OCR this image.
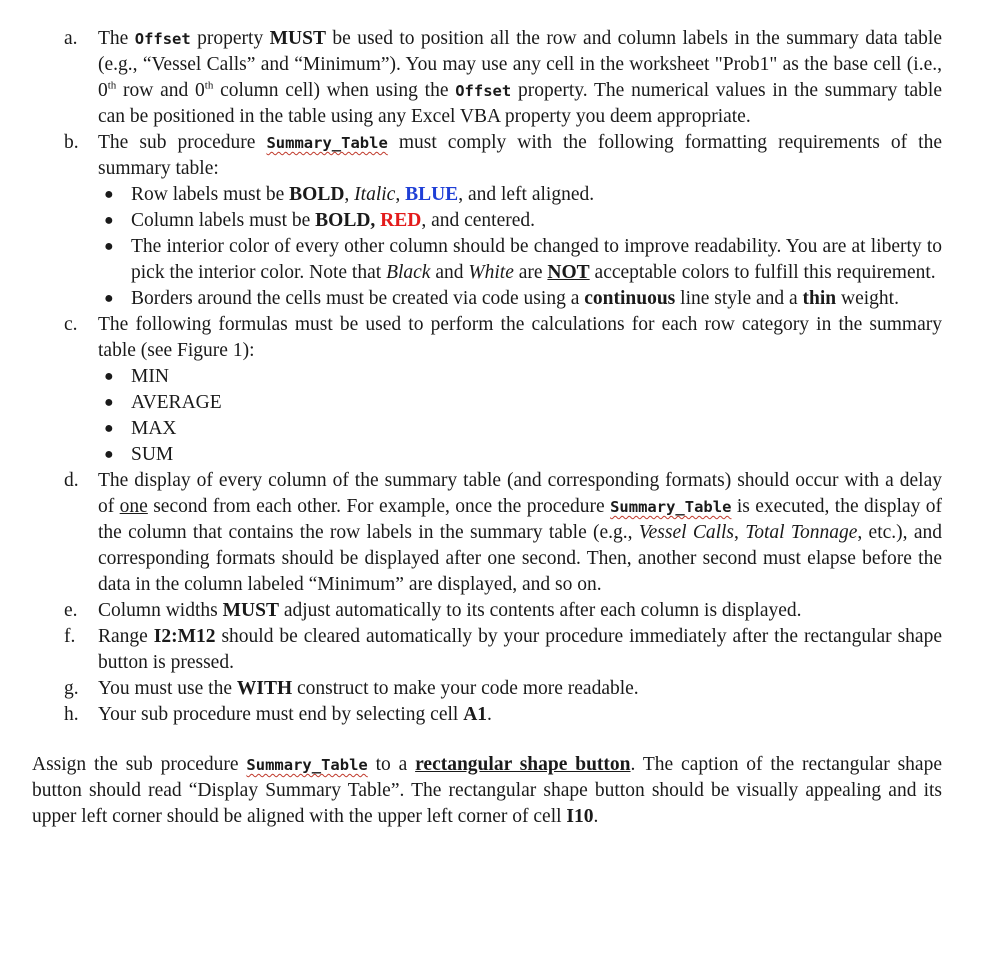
a. The Offset property MUST be used to position all the row and column labels in the summary data table (e.g., “Vessel Calls” and “Minimum”). You may use any cell in the worksheet "Prob1" as the base cell (i.e., 0th row and 0th column cell) when using the Offset property. The numerical values in the summary table can be positioned in the table using any Excel VBA property you deem appropriate.
b. The sub procedure Summary_Table must comply with the following formatting requirements of the summary table:
● Row labels must be BOLD, Italic, BLUE, and left aligned.
● Column labels must be BOLD, RED, and centered.
● The interior color of every other column should be changed to improve readability. You are at liberty to pick the interior color. Note that Black and White are NOT acceptable colors to fulfill this requirement.
● Borders around the cells must be created via code using a continuous line style and a thin weight.
c. The following formulas must be used to perform the calculations for each row category in the summary table (see Figure 1):
● MIN
● AVERAGE
● MAX
● SUM
d. The display of every column of the summary table (and corresponding formats) should occur with a delay of one second from each other. For example, once the procedure Summary_Table is executed, the display of the column that contains the row labels in the summary table (e.g., Vessel Calls, Total Tonnage, etc.), and corresponding formats should be displayed after one second. Then, another second must elapse before the data in the column labeled “Minimum” are displayed, and so on.
e. Column widths MUST adjust automatically to its contents after each column is displayed.
f. Range I2:M12 should be cleared automatically by your procedure immediately after the rectangular shape button is pressed.
g. You must use the WITH construct to make your code more readable.
h. Your sub procedure must end by selecting cell A1.
Assign the sub procedure Summary_Table to a rectangular shape button. The caption of the rectangular shape button should read “Display Summary Table”. The rectangular shape button should be visually appealing and its upper left corner should be aligned with the upper left corner of cell I10.
